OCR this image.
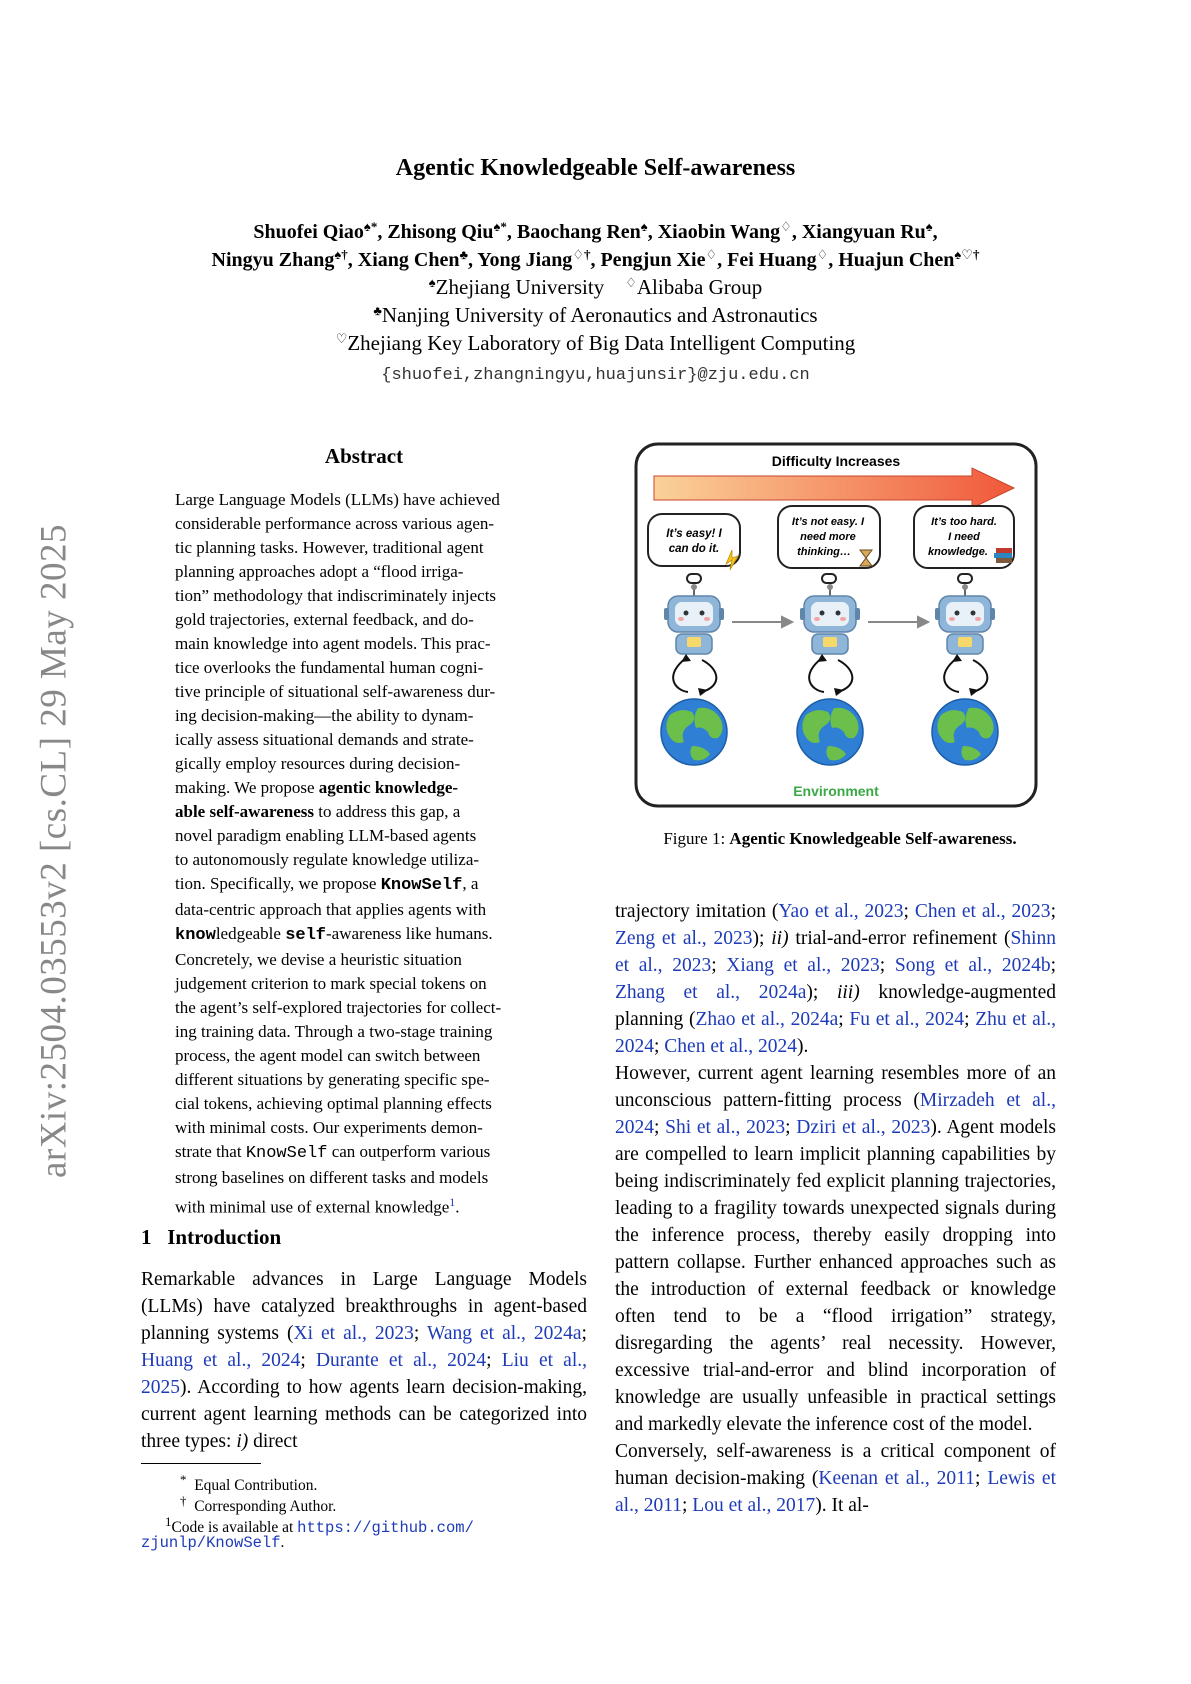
Agentic Knowledgeable Self-awareness
Shuofei Qiao♠*, Zhisong Qiu♠*, Baochang Ren♠, Xiaobin Wang♢, Xiangyuan Ru♠,
Ningyu Zhang♠†, Xiang Chen♣, Yong Jiang♢†, Pengjun Xie♢, Fei Huang♢, Huajun Chen♠♡†
♠Zhejiang University ♢Alibaba Group
♣Nanjing University of Aeronautics and Astronautics
♡Zhejiang Key Laboratory of Big Data Intelligent Computing
{shuofei,zhangningyu,huajunsir}@zju.edu.cn
arXiv:2504.03553v2 [cs.CL] 29 May 2025
Abstract
Large Language Models (LLMs) have achieved
considerable performance across various agen-
tic planning tasks. However, traditional agent
planning approaches adopt a “flood irriga-
tion” methodology that indiscriminately injects
gold trajectories, external feedback, and do-
main knowledge into agent models. This prac-
tice overlooks the fundamental human cogni-
tive principle of situational self-awareness dur-
ing decision-making—the ability to dynam-
ically assess situational demands and strate-
gically employ resources during decision-
making. We propose agentic knowledge-
able self-awareness to address this gap, a
novel paradigm enabling LLM-based agents
to autonomously regulate knowledge utiliza-
tion. Specifically, we propose KnowSelf, a
data-centric approach that applies agents with
knowledgeable self-awareness like humans.
Concretely, we devise a heuristic situation
judgement criterion to mark special tokens on
the agent’s self-explored trajectories for collect-
ing training data. Through a two-stage training
process, the agent model can switch between
different situations by generating specific spe-
cial tokens, achieving optimal planning effects
with minimal costs. Our experiments demon-
strate that KnowSelf can outperform various
strong baselines on different tasks and models
with minimal use of external knowledge$^1$.
1 Introduction

Remarkable advances in Large Language Models (LLMs) have catalyzed breakthroughs in agent-based planning systems (Xi et al., 2023; Wang et al., 2024a; Huang et al., 2024; Durante et al., 2024; Liu et al., 2025). According to how agents learn decision-making, current agent learning methods can be categorized into three types: i) direct

* Equal Contribution.
† Corresponding Author.
$^1$Code is available at https://github.com/
zjunlp/KnowSelf.
Difficulty Increases
It’s easy! I
can do it.
It’s not easy. I
need more
thinking…
It’s too hard.
I need
knowledge.
Environment
Figure 1: Agentic Knowledgeable Self-awareness.

trajectory imitation (Yao et al., 2023; Chen et al., 2023; Zeng et al., 2023); ii) trial-and-error refinement (Shinn et al., 2023; Xiang et al., 2023; Song et al., 2024b; Zhang et al., 2024a); iii) knowledge-augmented planning (Zhao et al., 2024a; Fu et al., 2024; Zhu et al., 2024; Chen et al., 2024).

However, current agent learning resembles more of an unconscious pattern-fitting process (Mirzadeh et al., 2024; Shi et al., 2023; Dziri et al., 2023). Agent models are compelled to learn implicit planning capabilities by being indiscriminately fed explicit planning trajectories, leading to a fragility towards unexpected signals during the inference process, thereby easily dropping into pattern collapse. Further enhanced approaches such as the introduction of external feedback or knowledge often tend to be a “flood irrigation” strategy, disregarding the agents’ real necessity. However, excessive trial-and-error and blind incorporation of knowledge are usually unfeasible in practical settings and markedly elevate the inference cost of the model.

Conversely, self-awareness is a critical component of human decision-making (Keenan et al., 2011; Lewis et al., 2011; Lou et al., 2017). It al-
